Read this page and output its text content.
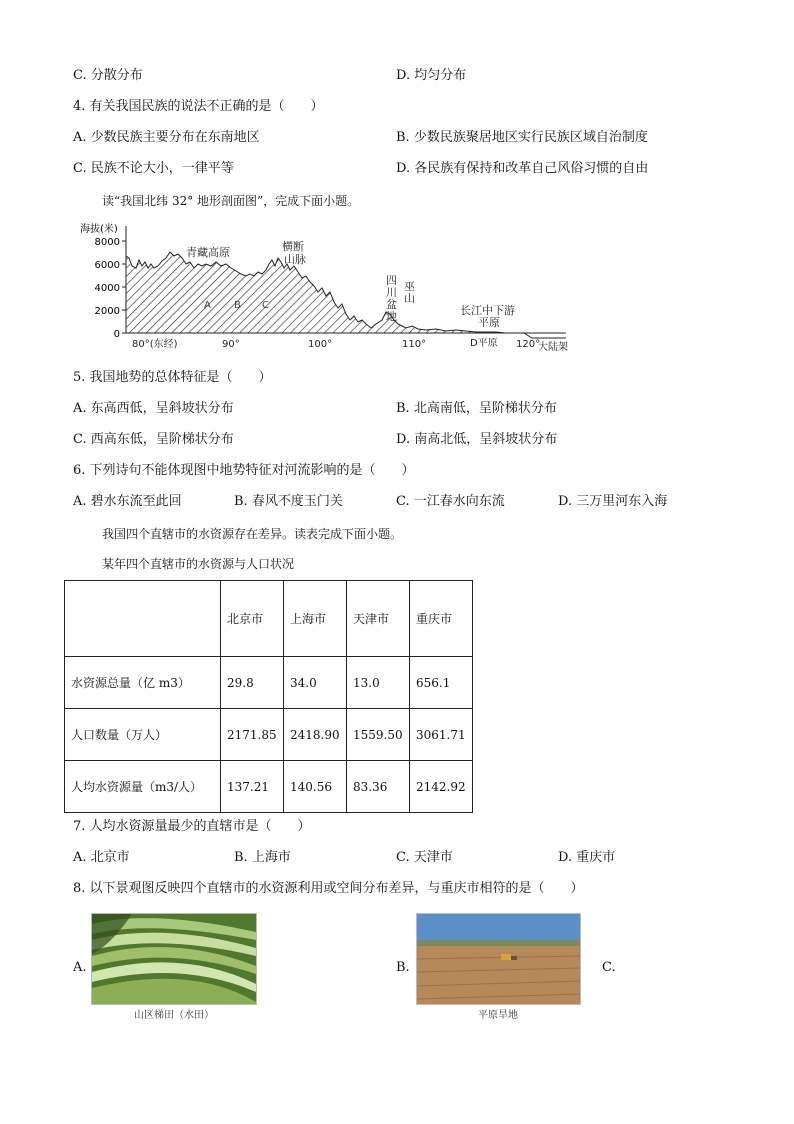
C. 分散分布	D. 均匀分布
4. 有关我国民族的说法不正确的是（　　）
A. 少数民族主要分布在东南地区	B. 少数民族聚居地区实行民族区域自治制度
C. 民族不论大小，一律平等	D. 各民族有保持和改革自己风俗习惯的自由
读“我国北纬 32° 地形剖面图”，完成下面小题。
海拔(米)
8000
6000
4000
2000
0
青藏高原	横断
山脉
四
川
盆
地
巫
山
长江中下游
平原
A B C
80°(东经)	90°	100°	110°	D平原 120°
大陆架
5. 我国地势的总体特征是（　　）
A. 东高西低，呈斜坡状分布	B. 北高南低，呈阶梯状分布
C. 西高东低，呈阶梯状分布	D. 南高北低，呈斜坡状分布
6. 下列诗句不能体现图中地势特征对河流影响的是（　　）
A. 碧水东流至此回	B. 春风不度玉门关	C. 一江春水向东流	D. 三万里河东入海
我国四个直辖市的水资源存在差异。读表完成下面小题。
某年四个直辖市的水资源与人口状况
	北京市	上海市	天津市	重庆市
水资源总量（亿 m3）	29.8	34.0	13.0	656.1
人口数量（万人）	2171.85	2418.90	1559.50	3061.71
人均水资源量（m3/人）	137.21	140.56	83.36	2142.92
7. 人均水资源量最少的直辖市是（　　）
A. 北京市	B. 上海市	C. 天津市	D. 重庆市
8. 以下景观图反映四个直辖市的水资源利用或空间分布差异，与重庆市相符的是（　　）
A.
山区梯田（水田）
B.
平原旱地
C.
